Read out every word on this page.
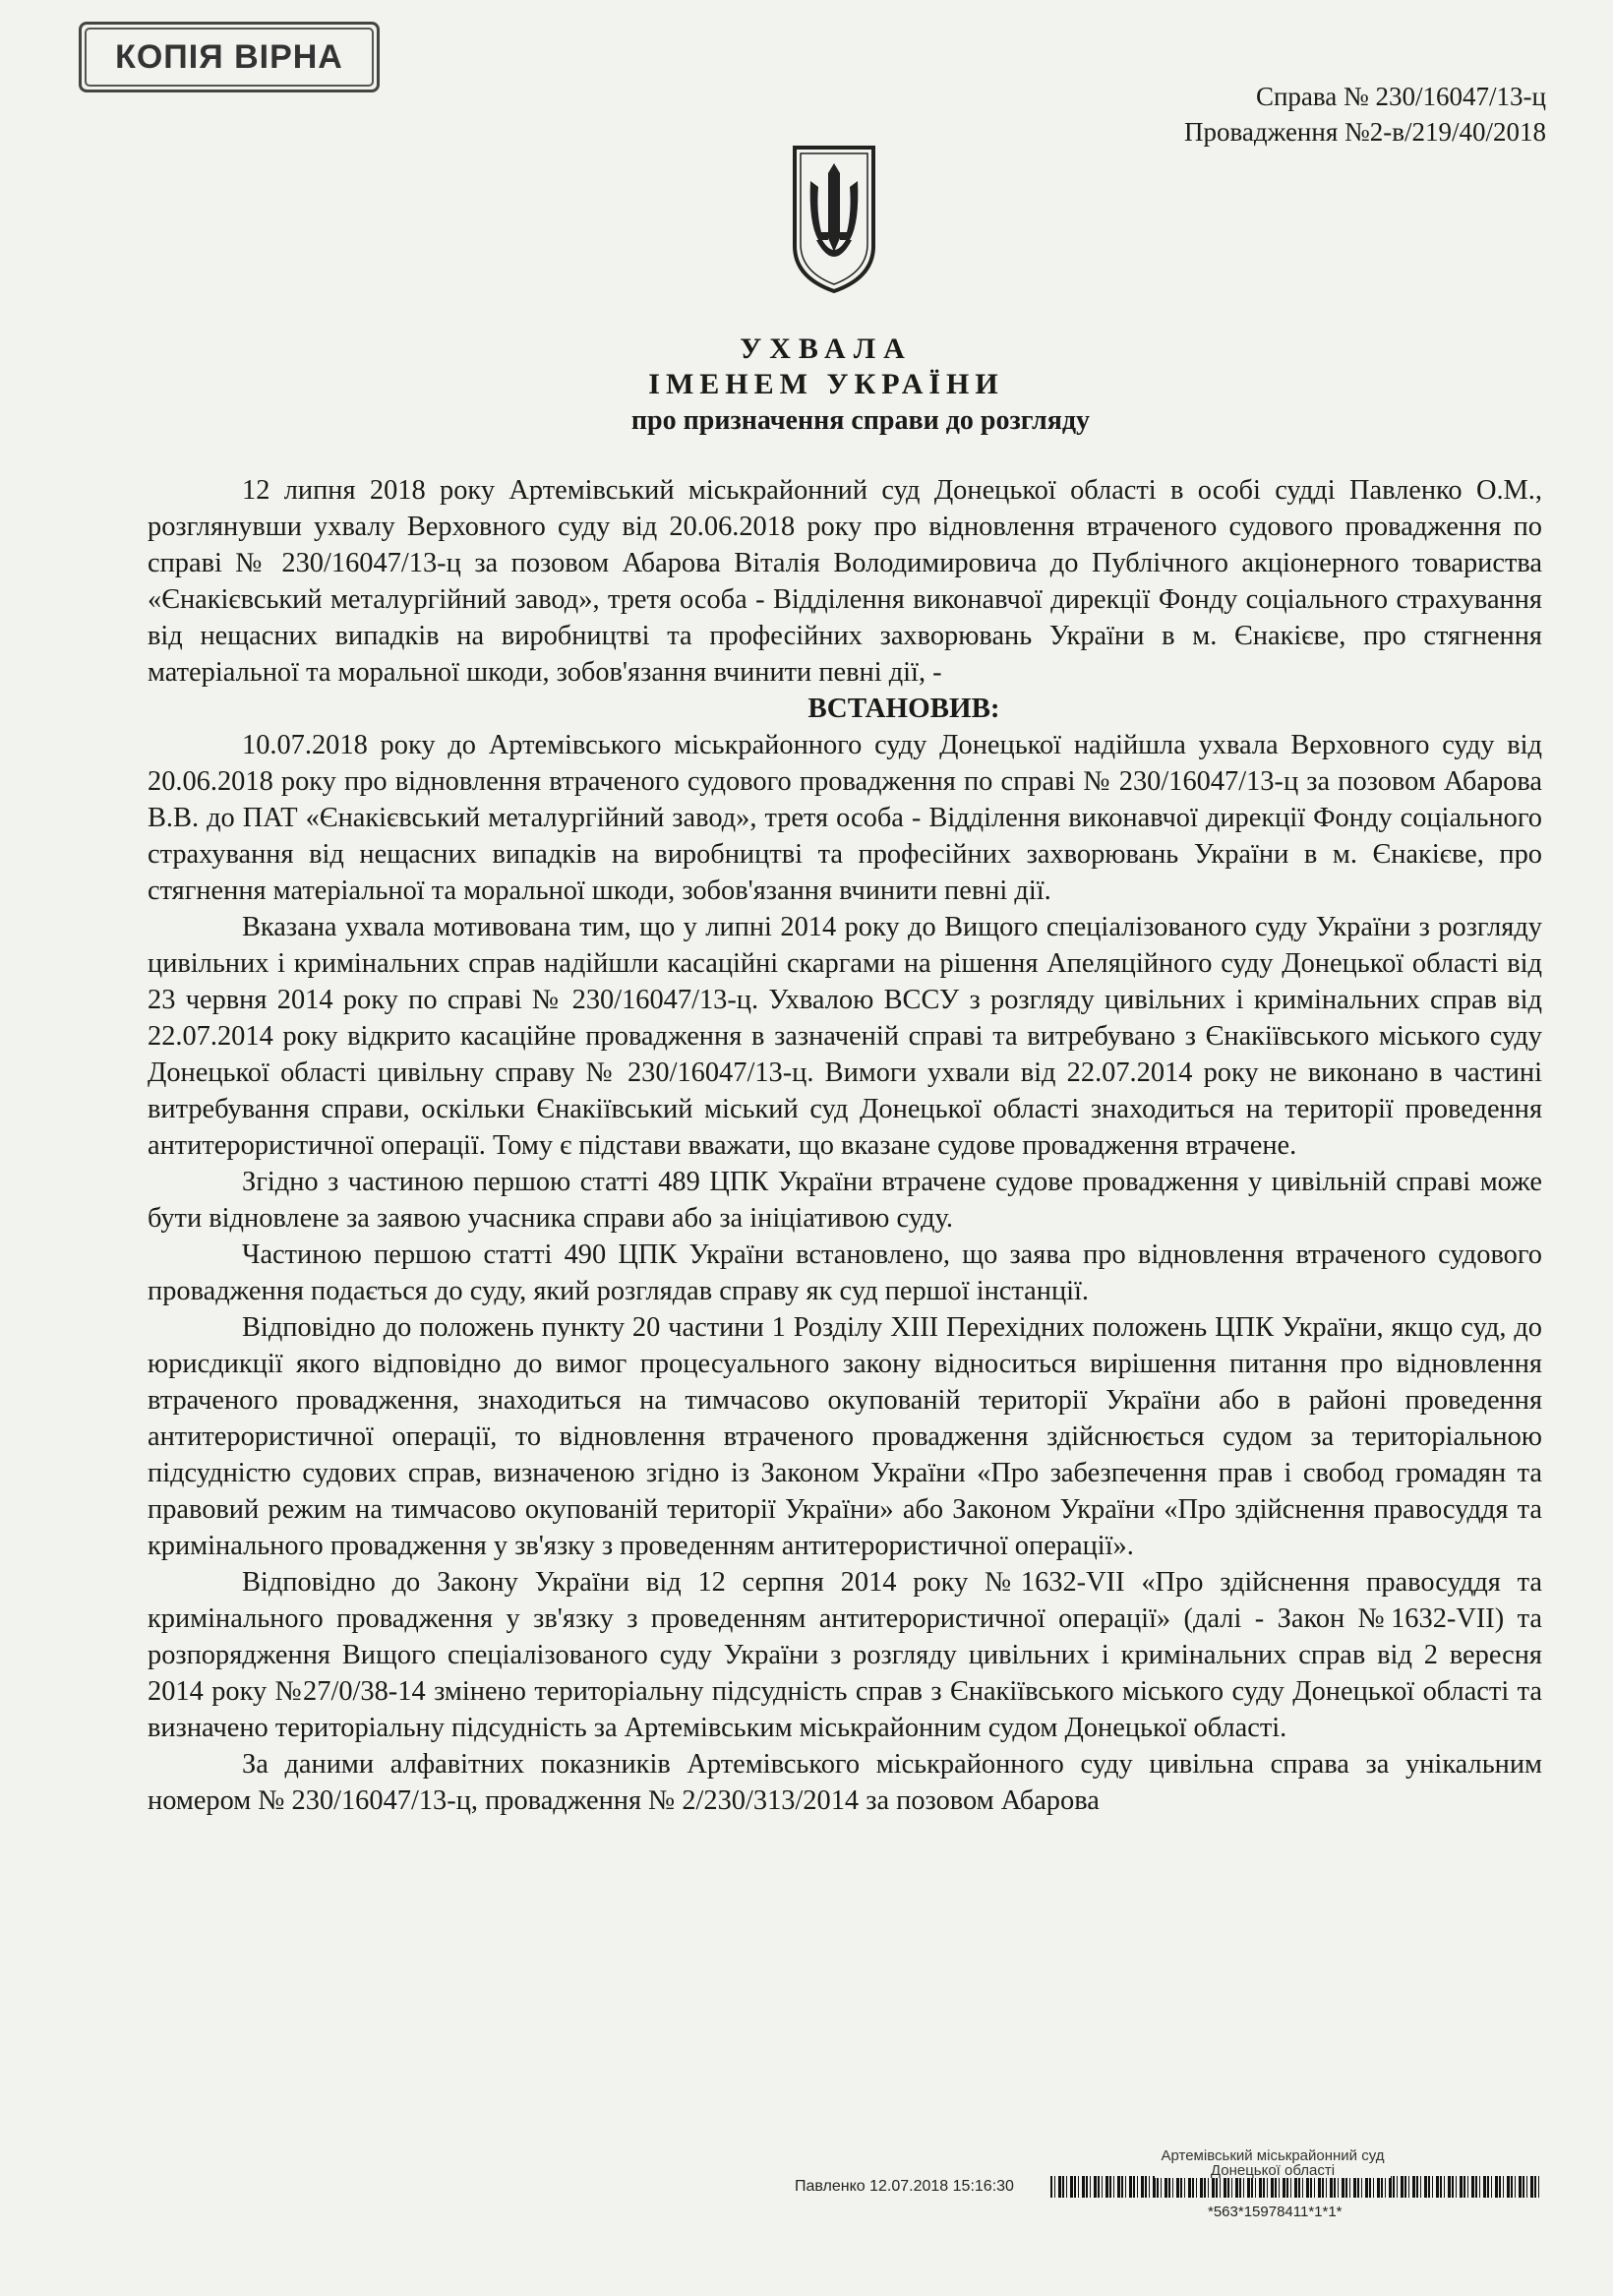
КОПІЯ ВІРНА
Справа № 230/16047/13-ц
Провадження №2-в/219/40/2018
УХВАЛА
ІМЕНЕМ УКРАЇНИ
про призначення справи до розгляду

12 липня 2018 року Артемівський міськрайонний суд Донецької області в особі судді Павленко О.М., розглянувши ухвалу Верховного суду від 20.06.2018 року про відновлення втраченого судового провадження по справі № 230/16047/13-ц за позовом Абарова Віталія Володимировича до Публічного акціонерного товариства «Єнакієвський металургійний завод», третя особа - Відділення виконавчої дирекції Фонду соціального страхування від нещасних випадків на виробництві та професійних захворювань України в м. Єнакієве, про стягнення матеріальної та моральної шкоди, зобов'язання вчинити певні дії, -

ВСТАНОВИВ:

10.07.2018 року до Артемівського міськрайонного суду Донецької надійшла ухвала Верховного суду від 20.06.2018 року про відновлення втраченого судового провадження по справі № 230/16047/13-ц за позовом Абарова В.В. до ПАТ «Єнакієвський металургійний завод», третя особа - Відділення виконавчої дирекції Фонду соціального страхування від нещасних випадків на виробництві та професійних захворювань України в м. Єнакієве, про стягнення матеріальної та моральної шкоди, зобов'язання вчинити певні дії.

Вказана ухвала мотивована тим, що у липні 2014 року до Вищого спеціалізованого суду України з розгляду цивільних і кримінальних справ надійшли касаційні скаргами на рішення Апеляційного суду Донецької області від 23 червня 2014 року по справі № 230/16047/13-ц. Ухвалою ВССУ з розгляду цивільних і кримінальних справ від 22.07.2014 року відкрито касаційне провадження в зазначеній справі та витребувано з Єнакіївського міського суду Донецької області цивільну справу № 230/16047/13-ц. Вимоги ухвали від 22.07.2014 року не виконано в частині витребування справи, оскільки Єнакіївський міський суд Донецької області знаходиться на території проведення антитерористичної операції. Тому є підстави вважати, що вказане судове провадження втрачене.

Згідно з частиною першою статті 489 ЦПК України втрачене судове провадження у цивільній справі може бути відновлене за заявою учасника справи або за ініціативою суду.

Частиною першою статті 490 ЦПК України встановлено, що заява про відновлення втраченого судового провадження подається до суду, який розглядав справу як суд першої інстанції.

Відповідно до положень пункту 20 частини 1 Розділу XIII Перехідних положень ЦПК України, якщо суд, до юрисдикції якого відповідно до вимог процесуального закону відноситься вирішення питання про відновлення втраченого провадження, знаходиться на тимчасово окупованій території України або в районі проведення антитерористичної операції, то відновлення втраченого провадження здійснюється судом за територіальною підсудністю судових справ, визначеною згідно із Законом України «Про забезпечення прав і свобод громадян та правовий режим на тимчасово окупованій території України» або Законом України «Про здійснення правосуддя та кримінального провадження у зв'язку з проведенням антитерористичної операції».

Відповідно до Закону України від 12 серпня 2014 року №1632-VII «Про здійснення правосуддя та кримінального провадження у зв'язку з проведенням антитерористичної операції» (далі - Закон №1632-VII) та розпорядження Вищого спеціалізованого суду України з розгляду цивільних і кримінальних справ від 2 вересня 2014 року №27/0/38-14 змінено територіальну підсудність справ з Єнакіївського міського суду Донецької області та визначено територіальну підсудність за Артемівським міськрайонним судом Донецької області.

За даними алфавітних показників Артемівського міськрайонного суду цивільна справа за унікальним номером № 230/16047/13-ц, провадження № 2/230/313/2014 за позовом Абарова

Артемівський міськрайонний суд Донецької області
Павленко 12.07.2018 15:16:30
*563*15978411*1*1*
